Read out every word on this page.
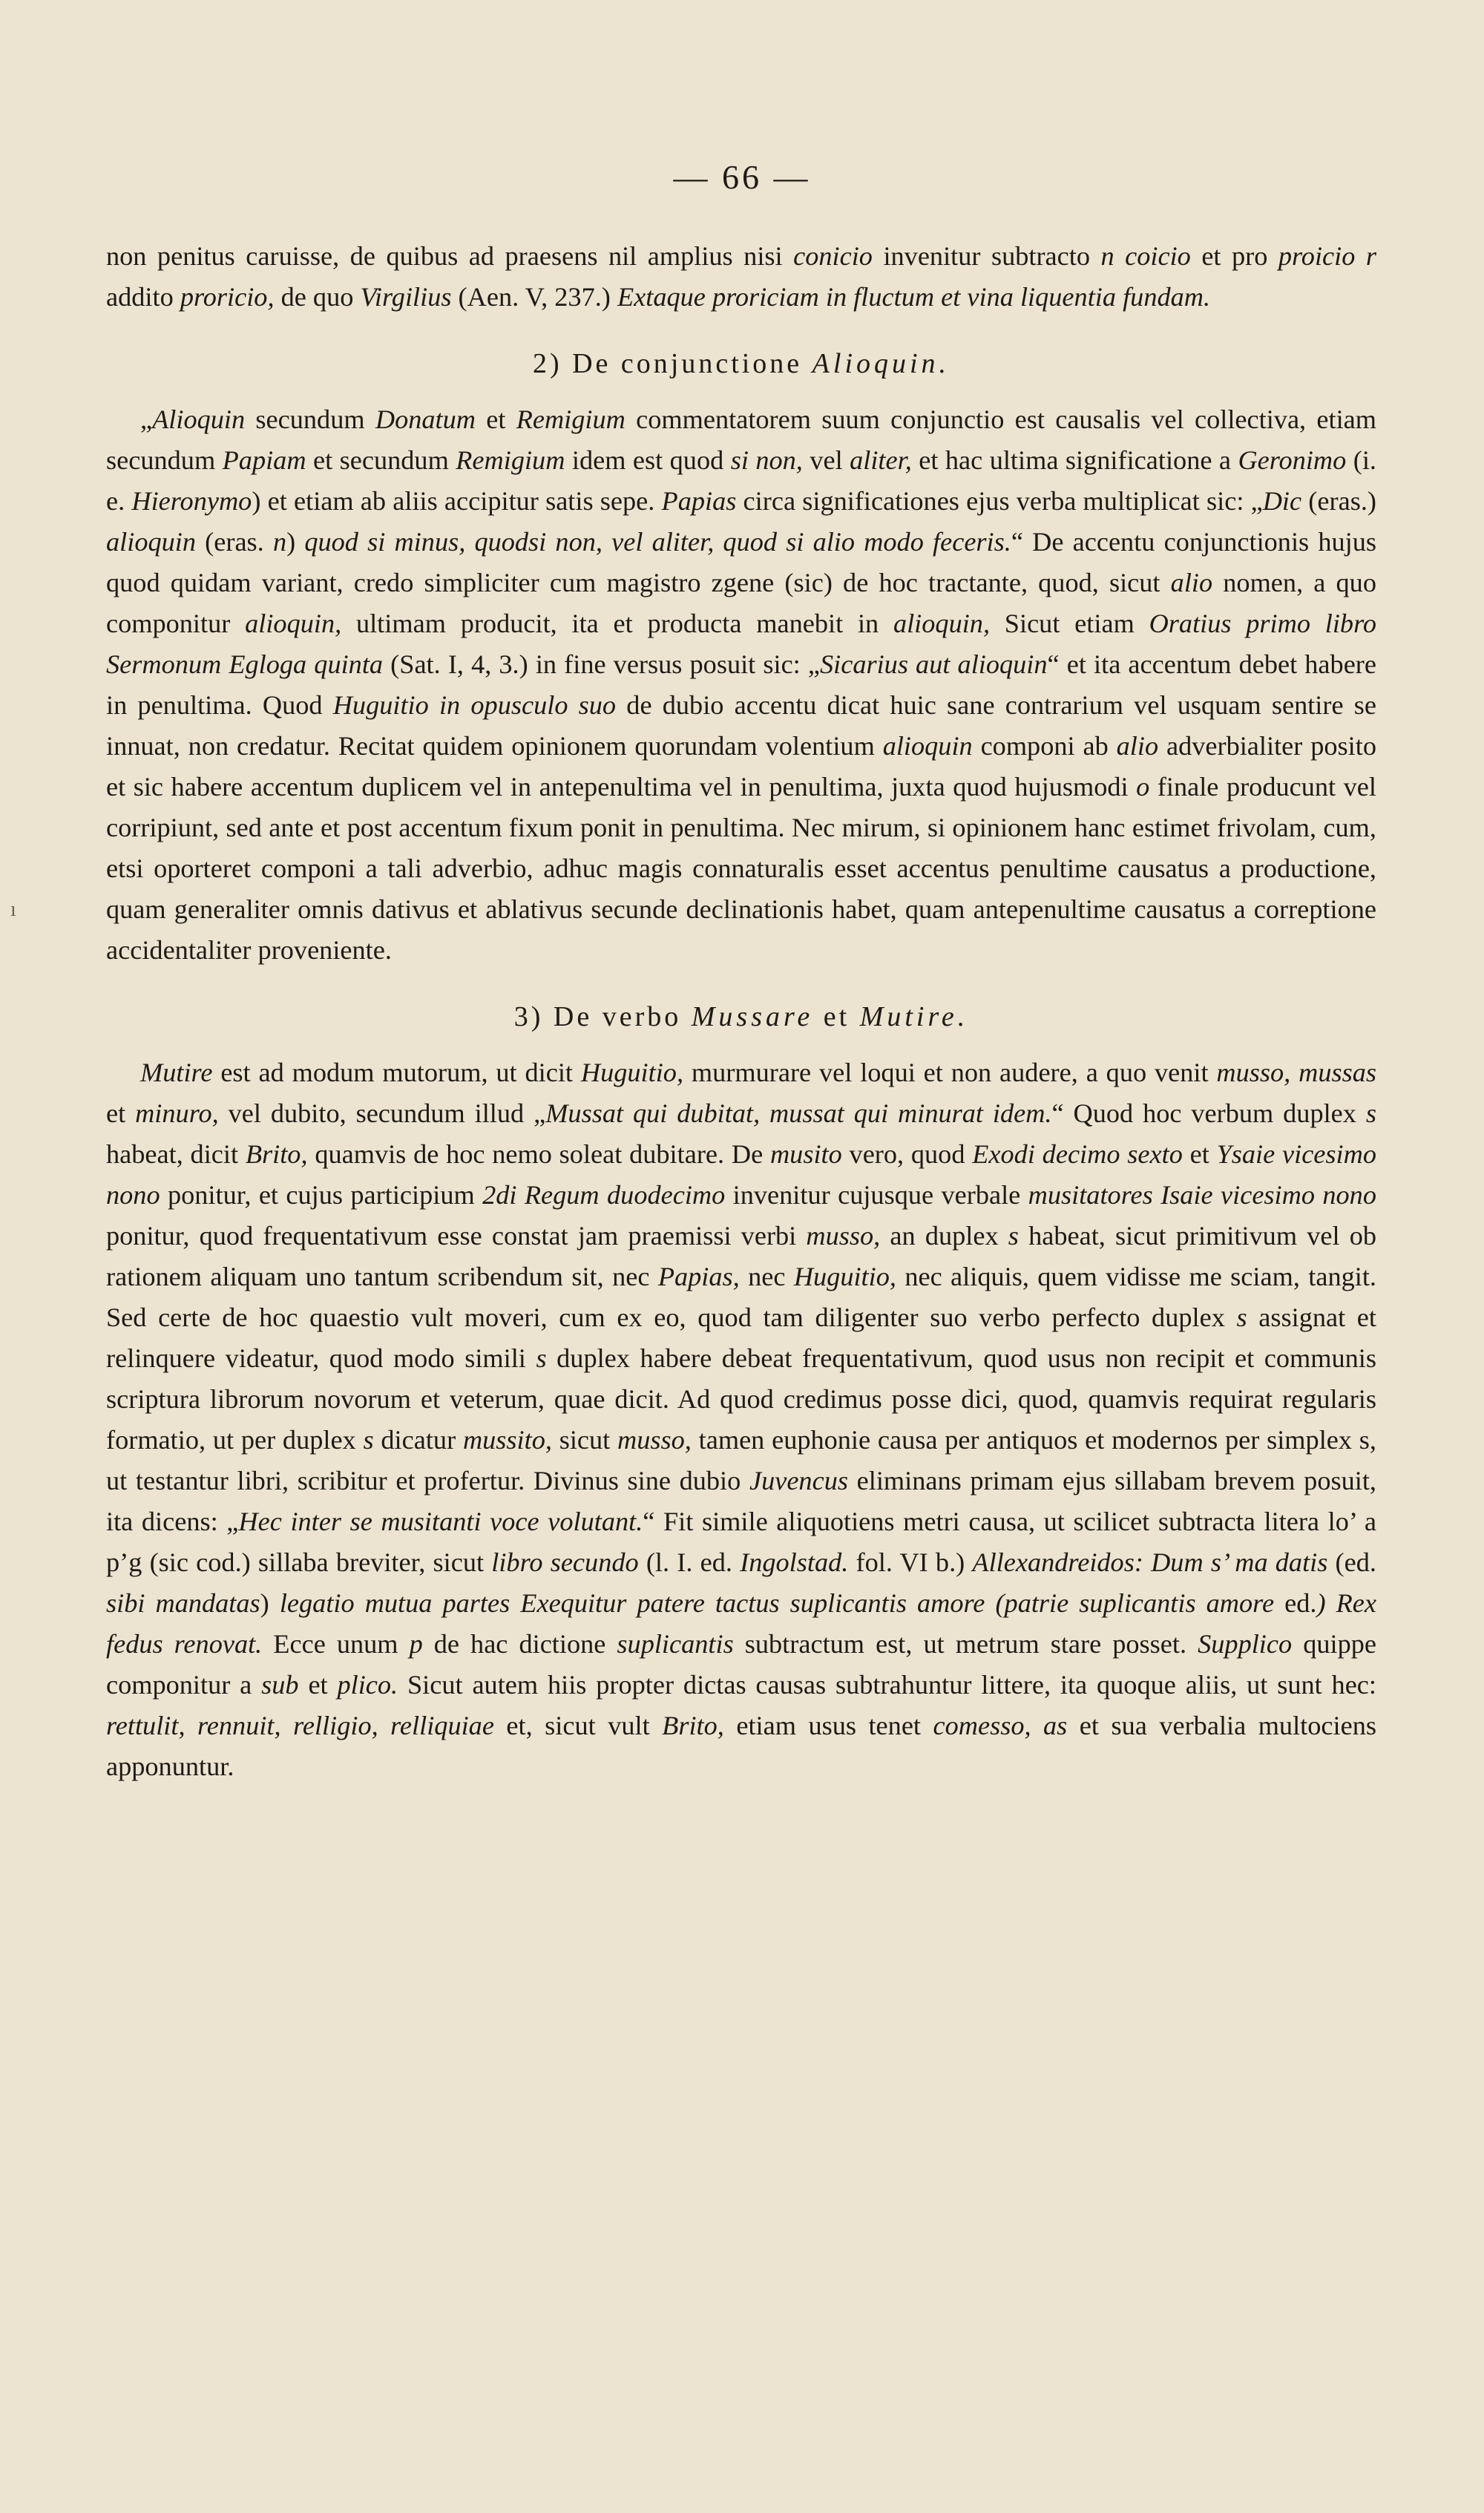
— 66 —

non penitus caruisse, de quibus ad praesens nil amplius nisi conicio invenitur subtracto n coicio et pro proicio r addito proricio, de quo Virgilius (Aen. V, 237.) Extaque proriciam in fluctum et vina liquentia fundam.

2) De conjunctione Alioquin.

„Alioquin secundum Donatum et Remigium commentatorem suum conjunctio est causalis vel collectiva, etiam secundum Papiam et secundum Remigium idem est quod si non, vel aliter, et hac ultima significatione a Geronimo (i. e. Hieronymo) et etiam ab aliis accipitur satis sepe. Papias circa significationes ejus verba multiplicat sic: „Dic (eras.) alioquin (eras. n) quod si minus, quodsi non, vel aliter, quod si alio modo feceris.“ De accentu conjunctionis hujus quod quidam variant, credo simpliciter cum magistro zgene (sic) de hoc tractante, quod, sicut alio nomen, a quo componitur alioquin, ultimam producit, ita et producta manebit in alioquin, Sicut etiam Oratius primo libro Sermonum Egloga quinta (Sat. I, 4, 3.) in fine versus posuit sic: „Sicarius aut alioquin“ et ita accentum debet habere in penultima. Quod Huguitio in opusculo suo de dubio accentu dicat huic sane contrarium vel usquam sentire se innuat, non credatur. Recitat quidem opinionem quorundam volentium alioquin componi ab alio adverbialiter posito et sic habere accentum duplicem vel in antepenultima vel in penultima, juxta quod hujusmodi o finale producunt vel corripiunt, sed ante et post accentum fixum ponit in penultima. Nec mirum, si opinionem hanc estimet frivolam, cum, etsi oporteret componi a tali adverbio, adhuc magis connaturalis esset accentus penultime causatus a productione, quam generaliter omnis dativus et ablativus secunde declinationis habet, quam antepenultime causatus a correptione accidentaliter proveniente.

3) De verbo Mussare et Mutire.

Mutire est ad modum mutorum, ut dicit Huguitio, murmurare vel loqui et non audere, a quo venit musso, mussas et minuro, vel dubito, secundum illud „Mussat qui dubitat, mussat qui minurat idem.“ Quod hoc verbum duplex s habeat, dicit Brito, quamvis de hoc nemo soleat dubitare. De musito vero, quod Exodi decimo sexto et Ysaie vicesimo nono ponitur, et cujus participium 2di Regum duodecimo invenitur cujusque verbale musitatores Isaie vicesimo nono ponitur, quod frequentativum esse constat jam praemissi verbi musso, an duplex s habeat, sicut primitivum vel ob rationem aliquam uno tantum scribendum sit, nec Papias, nec Huguitio, nec aliquis, quem vidisse me sciam, tangit. Sed certe de hoc quaestio vult moveri, cum ex eo, quod tam diligenter suo verbo perfecto duplex s assignat et relinquere videatur, quod modo simili s duplex habere debeat frequentativum, quod usus non recipit et communis scriptura librorum novorum et veterum, quae dicit. Ad quod credimus posse dici, quod, quamvis requirat regularis formatio, ut per duplex s dicatur mussito, sicut musso, tamen euphonie causa per antiquos et modernos per simplex s, ut testantur libri, scribitur et profertur. Divinus sine dubio Juvencus eliminans primam ejus sillabam brevem posuit, ita dicens: „Hec inter se musitanti voce volutant.“ Fit simile aliquotiens metri causa, ut scilicet subtracta litera lo’ a p’g (sic cod.) sillaba breviter, sicut libro secundo (l. I. ed. Ingolstad. fol. VI b.) Allexandreidos: Dum s’ ma datis (ed. sibi mandatas) legatio mutua partes Exequitur patere tactus suplicantis amore (patrie suplicantis amore ed.) Rex fedus renovat. Ecce unum p de hac dictione suplicantis subtractum est, ut metrum stare posset. Supplico quippe componitur a sub et plico. Sicut autem hiis propter dictas causas subtrahuntur littere, ita quoque aliis, ut sunt hec: rettulit, rennuit, relligio, relliquiae et, sicut vult Brito, etiam usus tenet comesso, as et sua verbalia multociens apponuntur.

ı
